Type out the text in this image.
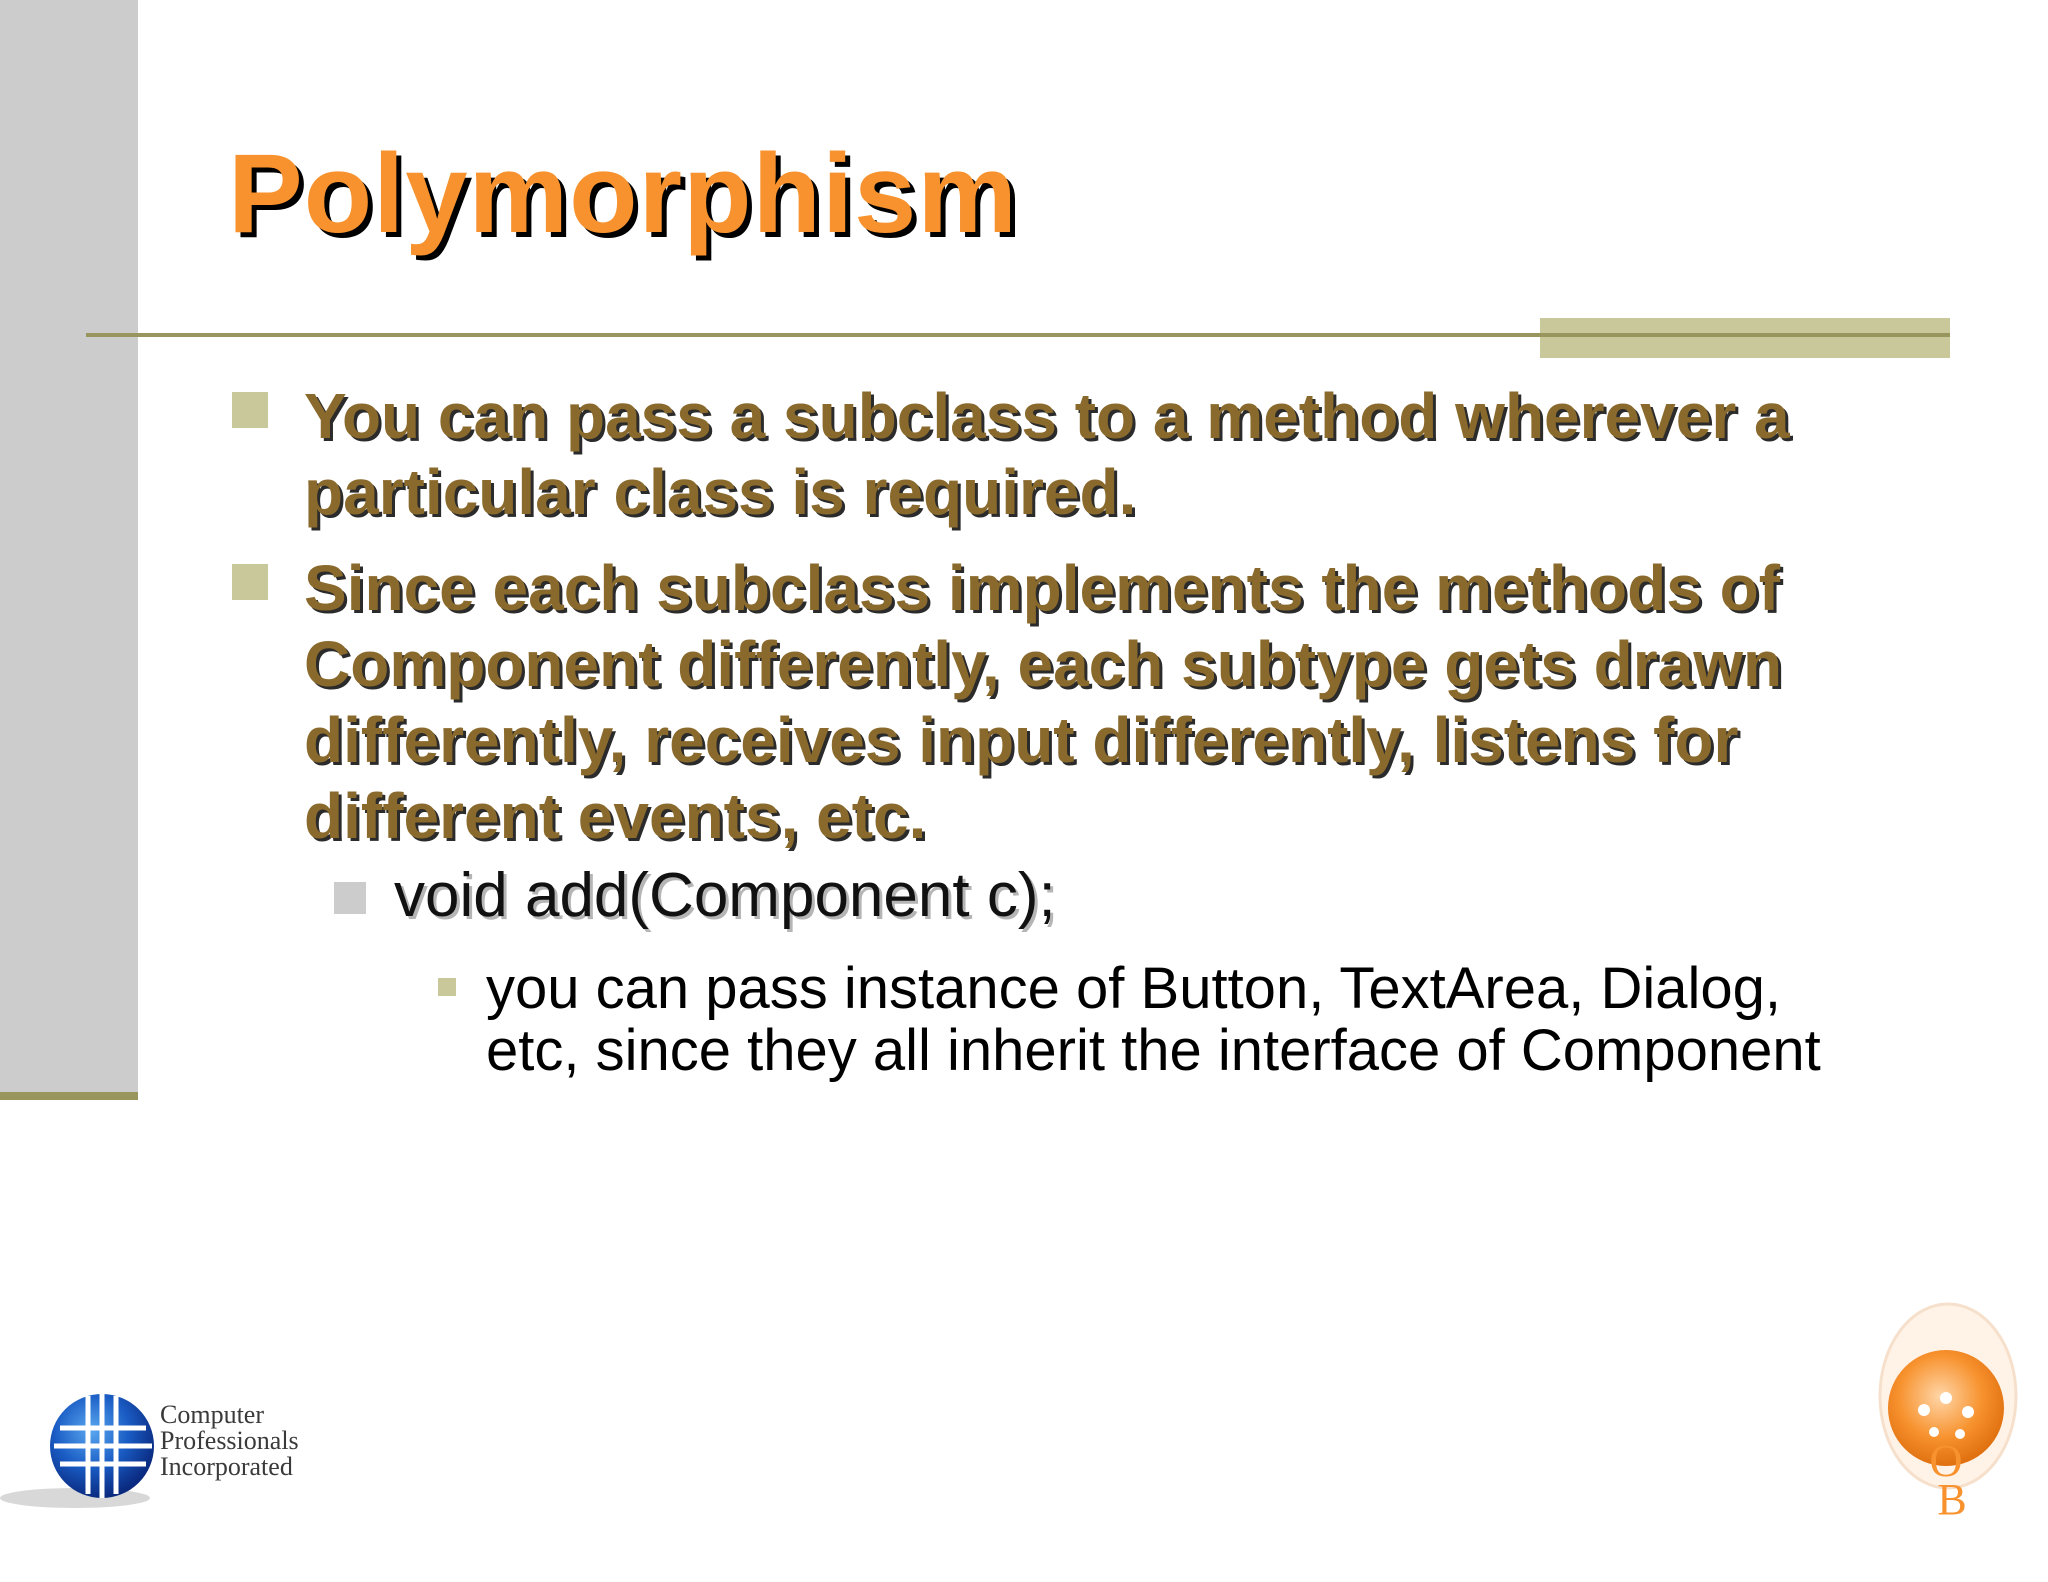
Polymorphism
You can pass a subclass to a method wherever a particular class is required.
Since each subclass implements the methods of Component differently, each subtype gets drawn differently, receives input differently, listens for different events, etc.
void add(Component c);
you can pass instance of Button, TextArea, Dialog, etc, since they all inherit the interface of Component
Computer
Professionals
Incorporated	O
B
